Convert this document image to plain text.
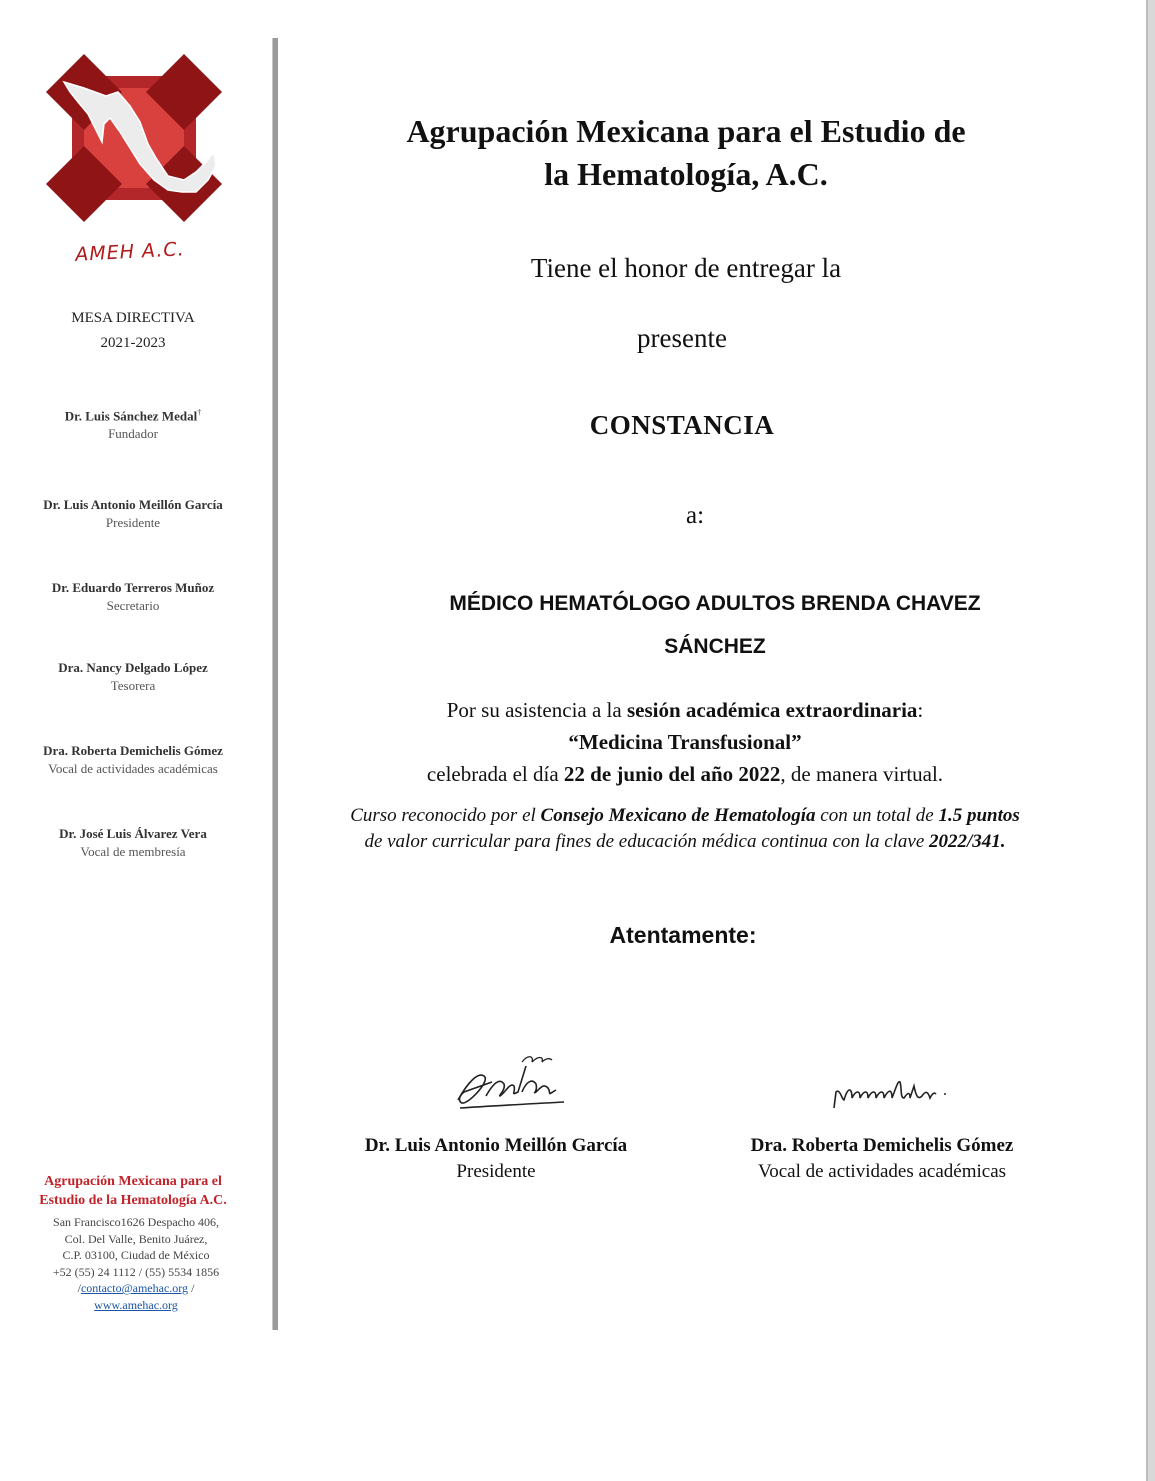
AMEH A.C.
MESA DIRECTIVA
2021-2023
Dr. Luis Sánchez Medal†
Fundador
Dr. Luis Antonio Meillón García
Presidente
Dr. Eduardo Terreros Muñoz
Secretario
Dra. Nancy Delgado López
Tesorera
Dra. Roberta Demichelis Gómez
Vocal de actividades académicas
Dr. José Luis Álvarez Vera
Vocal de membresía
Agrupación Mexicana para el
Estudio de la Hematología A.C.
San Francisco1626 Despacho 406,
Col. Del Valle, Benito Juárez,
C.P. 03100, Ciudad de México
+52 (55) 24 1112 / (55) 5534 1856
/contacto@amehac.org /
www.amehac.org
Agrupación Mexicana para el Estudio de
la Hematología, A.C.
Tiene el honor de entregar la
presente
CONSTANCIA
a:
MÉDICO HEMATÓLOGO ADULTOS BRENDA CHAVEZ
SÁNCHEZ
Por su asistencia a la sesión académica extraordinaria:
“Medicina Transfusional”
celebrada el día 22 de junio del año 2022, de manera virtual.
Curso reconocido por el Consejo Mexicano de Hematología con un total de 1.5 puntos
de valor curricular para fines de educación médica continua con la clave 2022/341.
Atentamente:
Dr. Luis Antonio Meillón García
Presidente
Dra. Roberta Demichelis Gómez
Vocal de actividades académicas
